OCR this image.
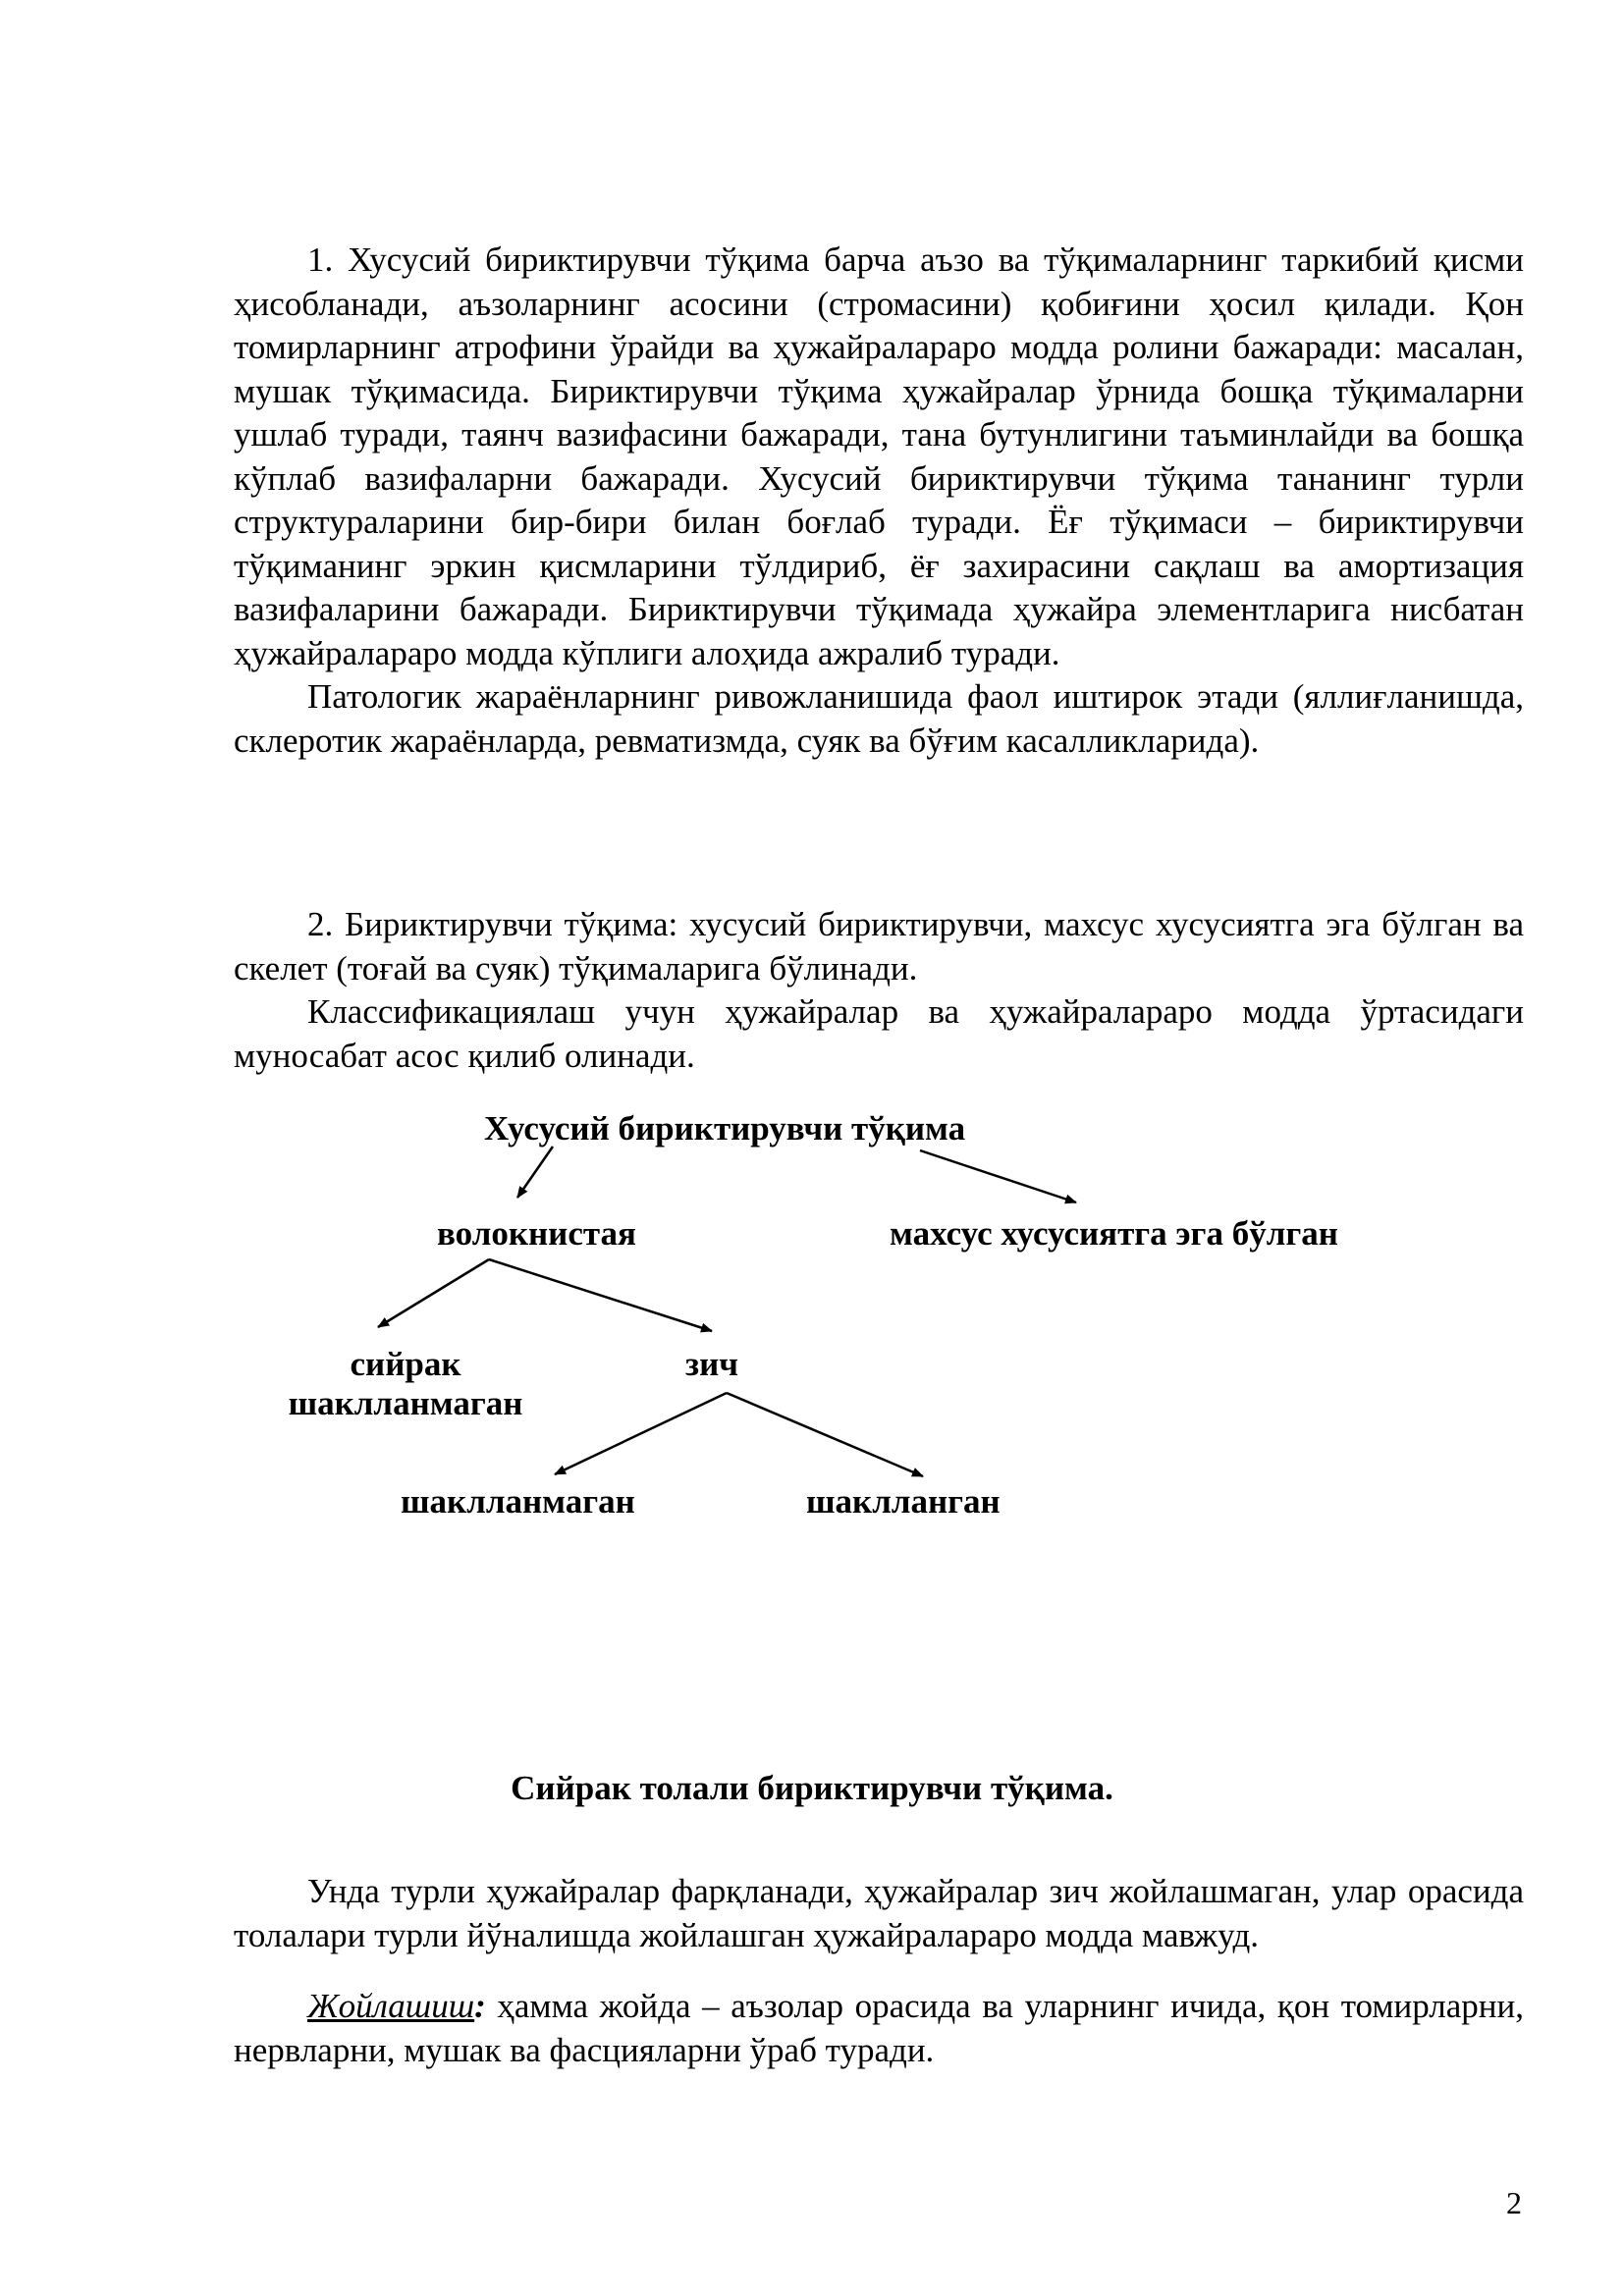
1. Хусусий бириктирувчи тўқима барча аъзо ва тўқималарнинг таркибий қисми ҳисобланади, аъзоларнинг асосини (стромасини) қобиғини ҳосил қилади. Қон томирларнинг атрофини ўрайди ва ҳужайралараро модда ролини бажаради: масалан, мушак тўқимасида. Бириктирувчи тўқима ҳужайралар ўрнида бошқа тўқималарни ушлаб туради, таянч вазифасини бажаради, тана бутунлигини таъминлайди ва бошқа кўплаб вазифаларни бажаради. Хусусий бириктирувчи тўқима тананинг турли структураларини бир-бири билан боғлаб туради. Ёғ тўқимаси – бириктирувчи тўқиманинг эркин қисмларини тўлдириб, ёғ захирасини сақлаш ва амортизация вазифаларини бажаради. Бириктирувчи тўқимада ҳужайра элементларига нисбатан ҳужайралараро модда кўплиги алоҳида ажралиб туради.

Патологик жараёнларнинг ривожланишида фаол иштирок этади (яллиғланишда, склеротик жараёнларда, ревматизмда, суяк ва бўғим касалликларида).

2. Бириктирувчи тўқима: хусусий бириктирувчи, махсус хусусиятга эга бўлган ва скелет (тоғай ва суяк) тўқималарига бўлинади.

Классификациялаш учун ҳужайралар ва ҳужайралараро модда ўртасидаги муносабат асос қилиб олинади.

Хусусий бириктирувчи тўқима
волокнистая	махсус хусусиятга эга бўлган
сийрак
шаклланмаган
зич
шаклланмаган	шаклланган
Сийрак толали бириктирувчи тўқима.

Унда турли ҳужайралар фарқланади, ҳужайралар зич жойлашмаган, улар орасида толалари турли йўналишда жойлашган ҳужайралараро модда мавжуд.

Жойлашиш: ҳамма жойда – аъзолар орасида ва уларнинг ичида, қон томирларни, нервларни, мушак ва фасцияларни ўраб туради.

2
